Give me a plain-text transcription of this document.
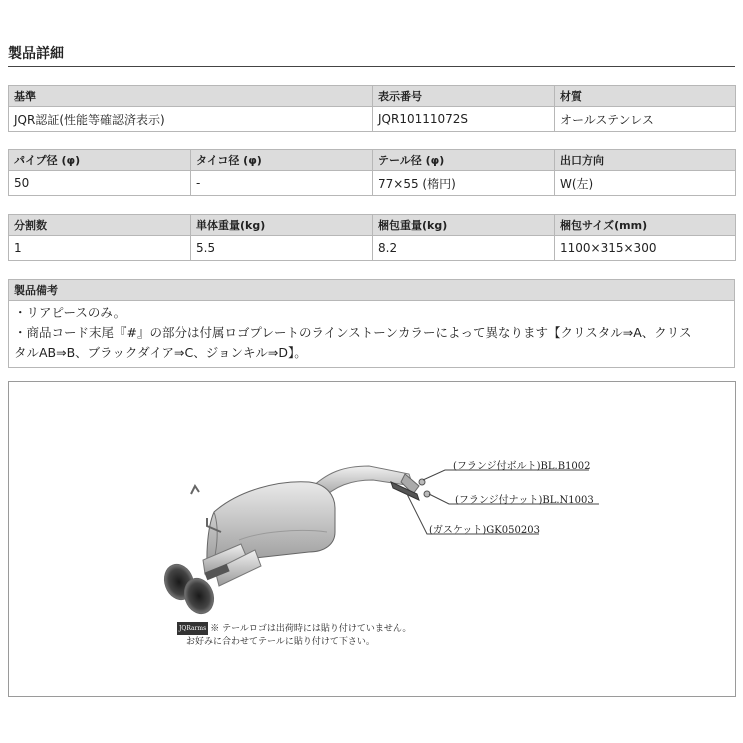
製品詳細
基準	表示番号	材質
JQR認証(性能等確認済表示)	JQR10111072S	オールステンレス
パイプ径 (φ)	タイコ径 (φ)	テール径 (φ)	出口方向
50	-	77×55 (楕円)	W(左)
分割数	単体重量(kg)	梱包重量(kg)	梱包サイズ(mm)
1	5.5	8.2	1100×315×300
製品備考

・リアピースのみ。
・商品コード末尾『#』の部分は付属ロゴプレートのラインストーンカラーによって異なります【クリスタル⇒A、クリス
タルAB⇒B、ブラックダイア⇒C、ジョンキル⇒D】。
(フランジ付ボルト)BL.B1002
(フランジ付ナット)BL.N1003
(ガスケット)GK050203
JQRarms ※ テールロゴは出荷時には貼り付けていません。
お好みに合わせてテールに貼り付けて下さい。
